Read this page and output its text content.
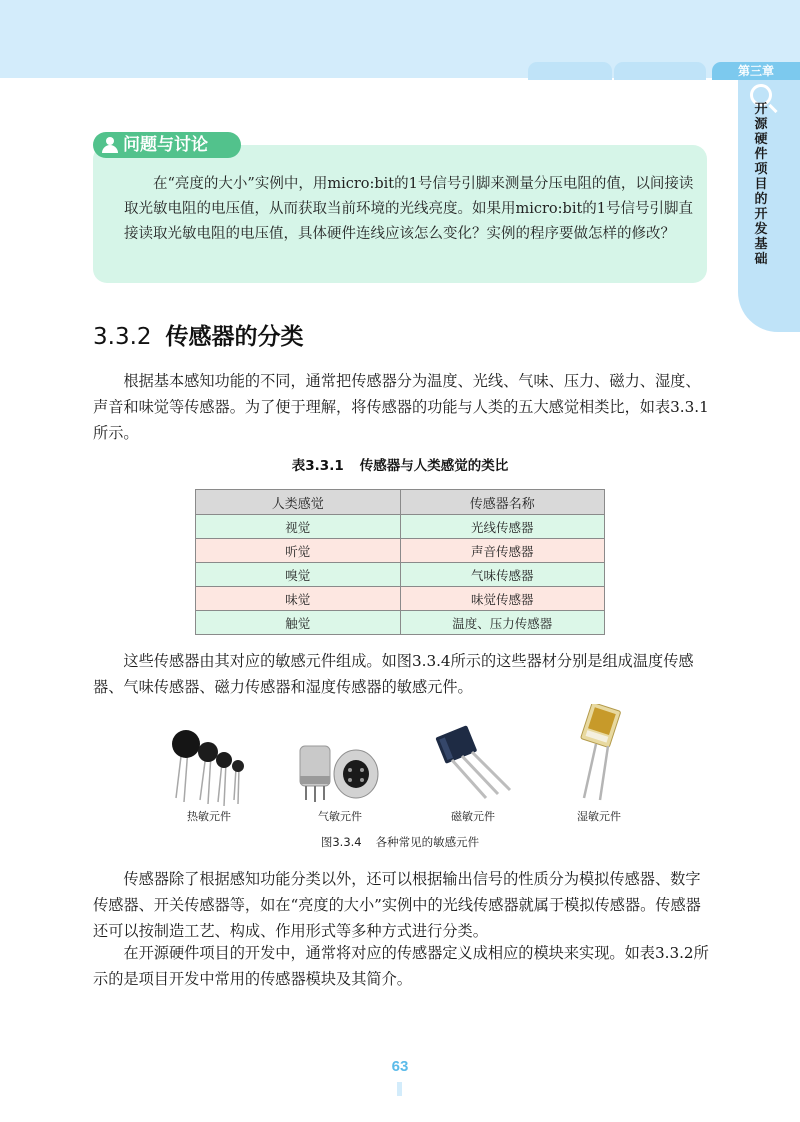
第三章
开源硬件项目的开发基础
问题与讨论
在“亮度的大小”实例中，用micro:bit的1号信号引脚来测量分压电阻的值，以间接读取光敏电阻的电压值，从而获取当前环境的光线亮度。如果用micro:bit的1号信号引脚直接读取光敏电阻的电压值，具体硬件连线应该怎么变化？实例的程序要做怎样的修改？
3.3.2 传感器的分类

根据基本感知功能的不同，通常把传感器分为温度、光线、气味、压力、磁力、湿度、声音和味觉等传感器。为了便于理解，将传感器的功能与人类的五大感觉相类比，如表3.3.1所示。

表3.3.1 传感器与人类感觉的类比
人类感觉	传感器名称
视觉	光线传感器
听觉	声音传感器
嗅觉	气味传感器
味觉	味觉传感器
触觉	温度、压力传感器

这些传感器由其对应的敏感元件组成。如图3.3.4所示的这些器材分别是组成温度传感器、气味传感器、磁力传感器和湿度传感器的敏感元件。

热敏元件	气敏元件	磁敏元件	湿敏元件
图3.3.4 各种常见的敏感元件

传感器除了根据感知功能分类以外，还可以根据输出信号的性质分为模拟传感器、数字传感器、开关传感器等，如在“亮度的大小”实例中的光线传感器就属于模拟传感器。传感器还可以按制造工艺、构成、作用形式等多种方式进行分类。

在开源硬件项目的开发中，通常将对应的传感器定义成相应的模块来实现。如表3.3.2所示的是项目开发中常用的传感器模块及其简介。

63
